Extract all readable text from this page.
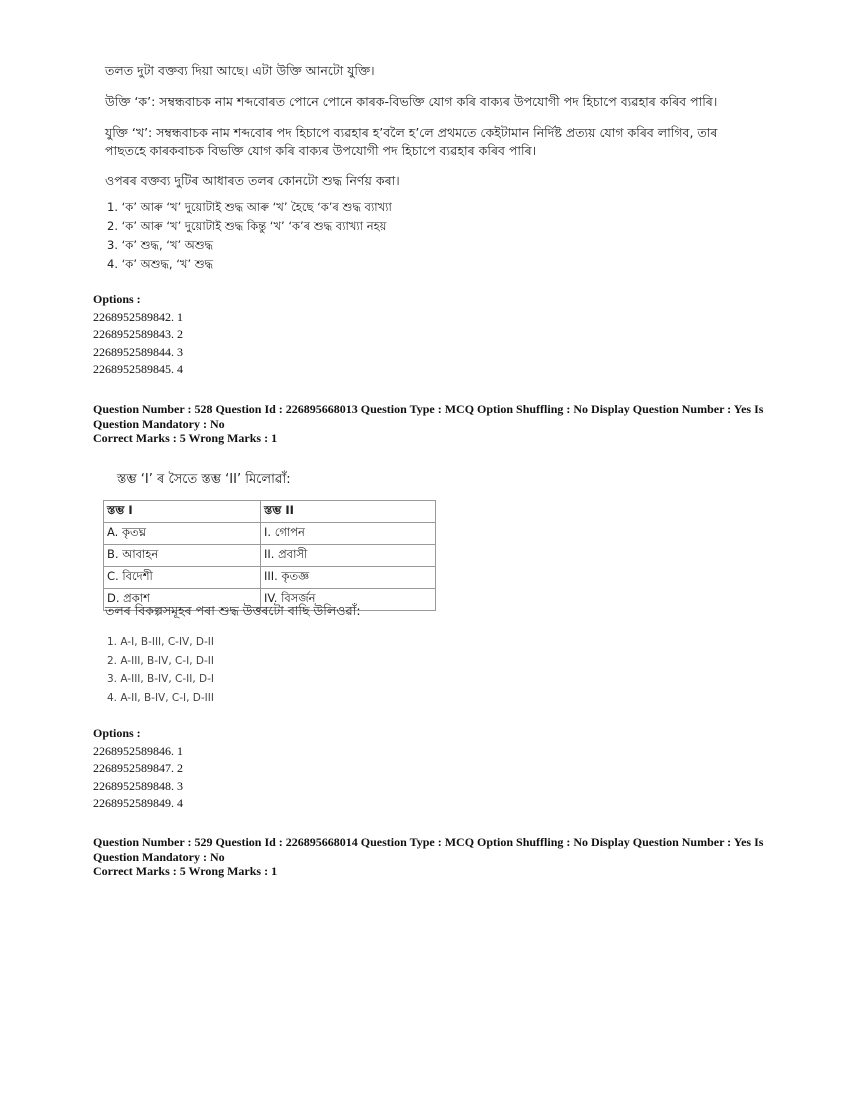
তলত দুটা বক্তব্য দিয়া আছে। এটা উক্তি আনটো যুক্তি।
উক্তি ‘ক’: সম্বন্ধবাচক নাম শব্দবোৰত পোনে পোনে কাৰক-বিভক্তি যোগ কৰি বাক্যৰ উপযোগী পদ হিচাপে ব্যৱহাৰ কৰিব পাৰি।
যুক্তি ‘খ’: সম্বন্ধবাচক নাম শব্দবোৰ পদ হিচাপে ব্যৱহাৰ হ’বলৈ হ’লে প্ৰথমতে কেইটামান নিৰ্দিষ্ট প্ৰত্যয় যোগ কৰিব লাগিব, তাৰ পাছতহে কাৰকবাচক বিভক্তি যোগ কৰি বাক্যৰ উপযোগী পদ হিচাপে ব্যৱহাৰ কৰিব পাৰি।
ওপৰৰ বক্তব্য দুটিৰ আধাৰত তলৰ কোনটো শুদ্ধ নিৰ্ণয় কৰা।
1. ‘ক’ আৰু ‘খ’ দুয়োটাই শুদ্ধ আৰু ‘খ’ হৈছে ‘ক’ৰ শুদ্ধ ব্যাখ্যা
2. ‘ক’ আৰু ‘খ’ দুয়োটাই শুদ্ধ কিন্তু ‘খ’ ‘ক’ৰ শুদ্ধ ব্যাখ্যা নহয়
3. ‘ক’ শুদ্ধ, ‘খ’ অশুদ্ধ
4. ‘ক’ অশুদ্ধ, ‘খ’ শুদ্ধ
Options :
2268952589842. 1
2268952589843. 2
2268952589844. 3
2268952589845. 4
Question Number : 528 Question Id : 226895668013 Question Type : MCQ Option Shuffling : No Display Question Number : Yes Is Question Mandatory : No
Correct Marks : 5 Wrong Marks : 1
স্তম্ভ ‘I’ ৰ সৈতে স্তম্ভ ‘II’ মিলোৱাঁ:
স্তম্ভ I	স্তম্ভ II
A. কৃতঘ্ন	I. গোপন
B. আবাহন	II. প্ৰবাসী
C. বিদেশী	III. কৃতজ্ঞ
D. প্ৰকাশ	IV. বিসৰ্জন
তলৰ বিকল্পসমূহৰ পৰা শুদ্ধ উত্তৰটো বাছি উলিওৱাঁ:
1. A-I, B-III, C-IV, D-II
2. A-III, B-IV, C-I, D-II
3. A-III, B-IV, C-II, D-I
4. A-II, B-IV, C-I, D-III
Options :
2268952589846. 1
2268952589847. 2
2268952589848. 3
2268952589849. 4
Question Number : 529 Question Id : 226895668014 Question Type : MCQ Option Shuffling : No Display Question Number : Yes Is Question Mandatory : No
Correct Marks : 5 Wrong Marks : 1
